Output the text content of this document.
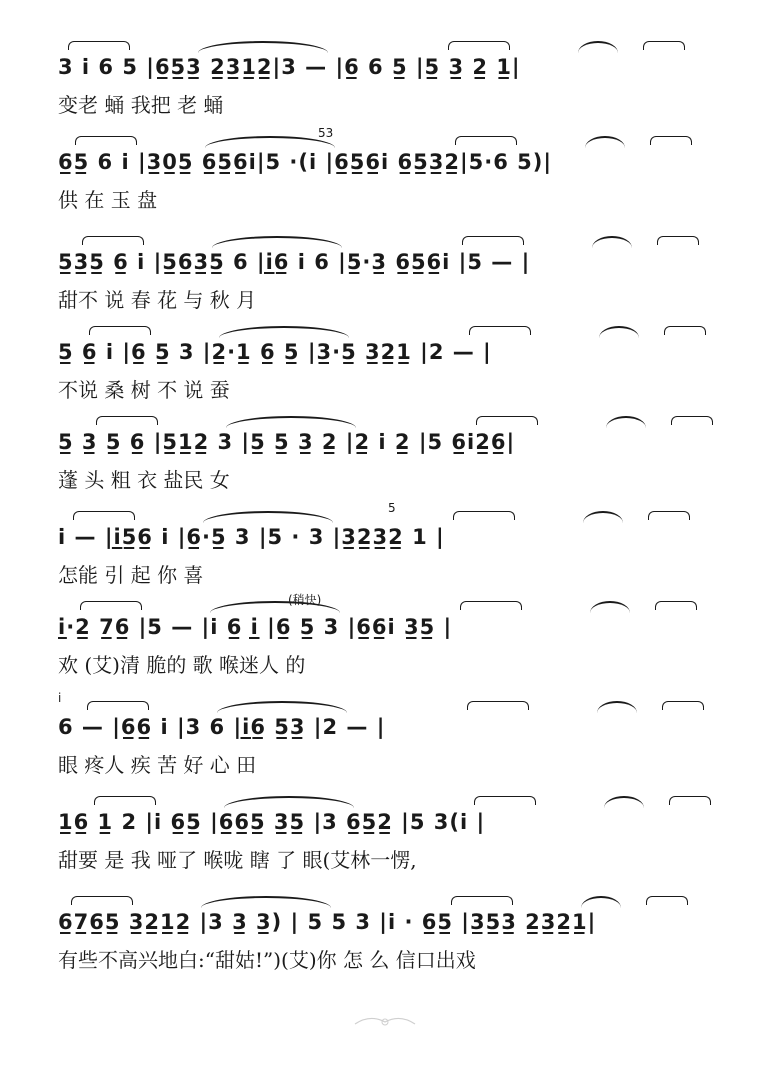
3 i̇ 6 5 |6̲5̲3̲ 2̲3̲1̲2̲|3 — |6̲ 6 5̲ |5̲ 3̲ 2̲ 1̲|
变老 蛹 我把 老 蛹
6̲5̲ 6 i̇ |3̲0̲5̲ 6̲5̲6̲i̇|5 ·(i̇ |6̲5̲6̲i̇ 6̲5̲3̲2̲|5·6 5)|
供 在 玉 盘
53
5̲3̲5̲ 6̲ i̇ |5̲6̲3̲5̲ 6 |i̲6̲ i̇ 6 |5̲·3̲ 6̲5̲6̲i̇ |5 — |
甜不 说 春 花 与 秋 月
5̲ 6̲ i̇ |6̲ 5̲ 3 |2̲·1̲ 6̲ 5̲ |3̲·5̲ 3̲2̲1̲ |2 — |
不说 桑 树 不 说 蚕
5̲ 3̲ 5̲ 6̲ |5̲1̲2̲ 3 |5̲ 5̲ 3̲ 2̲ |2̲ i̇ 2̲ |5 6̲i̇2̲6̲|
蓬 头 粗 衣 盐民 女
i̇ — |i̲5̲6̲ i̇ |6̲·5̲ 3 |5 · 3 |3̲2̲3̲2̲ 1 |
怎能 引 起 你 喜
5
i̲·2̲ 7̲6̲ |5 — |i̇ 6̲ i̲ |6̲ 5̲ 3 |6̲6̲i̇ 3̲5̲ |
欢 (艾)清 脆的 歌 喉迷人 的
(稍快)
6 — |6̲6̲ i̇ |3 6 |i̲6̲ 5̲3̲ |2 — |
眼 疼人 疾 苦 好 心 田
i
1̲6̲ 1̲ 2 |i̇ 6̲5̲ |6̲6̲5̲ 3̲5̲ |3 6̲5̲2̲ |5 3(i̇ |
甜要 是 我 哑了 喉咙 瞎 了 眼(艾林一愣,
6̲7̲6̲5̲ 3̲2̲1̲2̲ |3 3̲ 3̲) | 5 5 3 |i̇ · 6̲5̲ |3̲5̲3̲ 2̲3̲2̲1̲|
有些不高兴地白:“甜姑!”)(艾)你 怎 么 信口出戏
